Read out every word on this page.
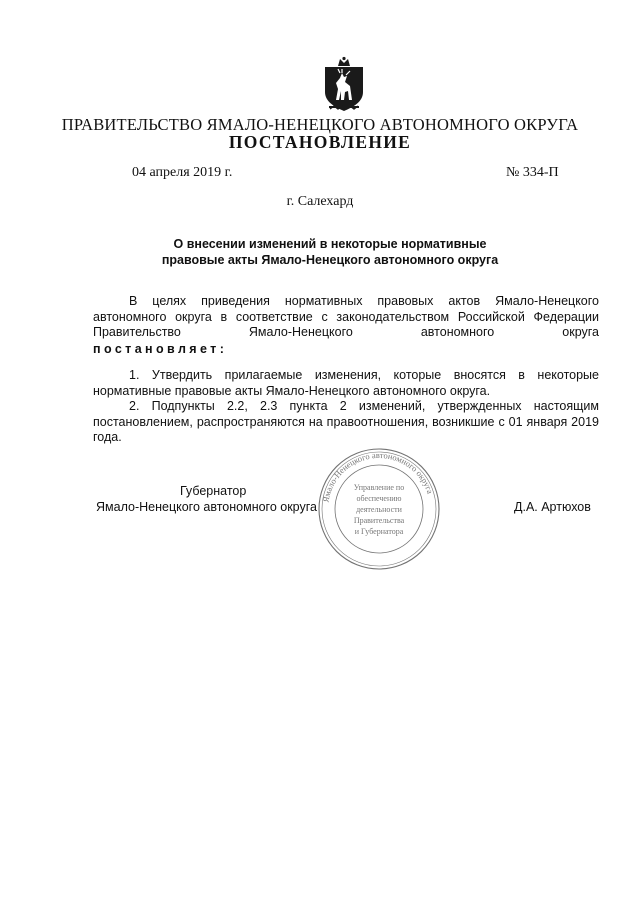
ПРАВИТЕЛЬСТВО ЯМАЛО-НЕНЕЦКОГО АВТОНОМНОГО ОКРУГА
ПОСТАНОВЛЕНИЕ
04 апреля 2019 г.	№ 334-П
г. Салехард
О внесении изменений в некоторые нормативные
правовые акты Ямало-Ненецкого автономного округа
В целях приведения нормативных правовых актов Ямало-Ненецкого автономного округа в соответствие с законодательством Российской Федерации Правительство Ямало-Ненецкого автономного округа
постановляет:
1. Утвердить прилагаемые изменения, которые вносятся в некоторые нормативные правовые акты Ямало-Ненецкого автономного округа.
2. Подпункты 2.2, 2.3 пункта 2 изменений, утвержденных настоящим постановлением, распространяются на правоотношения, возникшие с 01 января 2019 года.
Ямало-Ненецкого автономного округа
Управление по
обеспечению
деятельности
Правительства
и Губернатора
Губернатор
Ямало-Ненецкого автономного округа	Д.А. Артюхов
